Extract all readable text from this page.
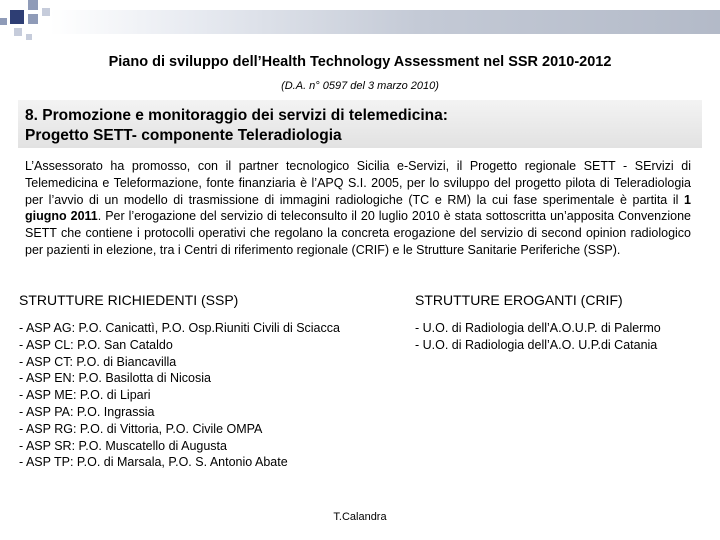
Piano di sviluppo dell’Health Technology Assessment nel SSR 2010-2012
(D.A. n° 0597 del 3 marzo 2010)
8. Promozione e monitoraggio dei servizi di telemedicina:
Progetto SETT- componente Teleradiologia
L’Assessorato ha promosso, con il partner tecnologico Sicilia e-Servizi, il Progetto regionale SETT - SErvizi di Telemedicina e Teleformazione, fonte finanziaria è l’APQ S.I. 2005, per lo sviluppo del progetto pilota di Teleradiologia per l’avvio di un modello di trasmissione di immagini radiologiche (TC e RM) la cui fase sperimentale è partita il 1 giugno 2011. Per l’erogazione del servizio di teleconsulto il 20 luglio 2010 è stata sottoscritta un’apposita Convenzione SETT che contiene i protocolli operativi che regolano la concreta erogazione del servizio di second opinion radiologico per pazienti in elezione, tra i Centri di riferimento regionale (CRIF) e le Strutture Sanitarie Periferiche (SSP).
STRUTTURE RICHIEDENTI (SSP)	STRUTTURE EROGANTI (CRIF)
- ASP AG: P.O. Canicattì, P.O. Osp.Riuniti Civili di Sciacca
- ASP CL: P.O. San Cataldo
- ASP CT: P.O. di Biancavilla
- ASP EN: P.O. Basilotta di Nicosia
- ASP ME: P.O. di Lipari
- ASP PA: P.O. Ingrassia
- ASP RG: P.O. di Vittoria, P.O. Civile OMPA
- ASP SR: P.O. Muscatello di Augusta
- ASP TP: P.O. di Marsala, P.O. S. Antonio Abate
- U.O. di Radiologia dell’A.O.U.P. di Palermo
- U.O. di Radiologia dell’A.O. U.P.di Catania
T.Calandra
